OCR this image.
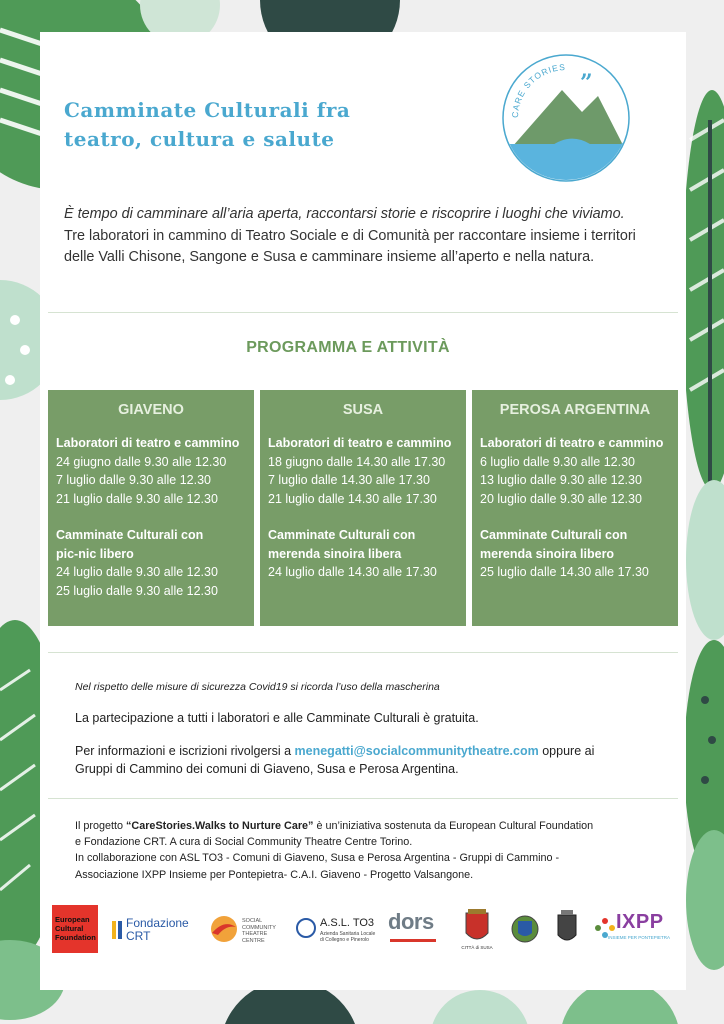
Camminate Culturali fra
teatro, cultura e salute
CARE STORIES
”
È tempo di camminare all’aria aperta, raccontarsi storie e riscoprire i luoghi che viviamo.
Tre laboratori in cammino di Teatro Sociale e di Comunità per raccontare insieme i territori delle Valli Chisone, Sangone e Susa e camminare insieme all’aperto e nella natura.
PROGRAMMA E ATTIVITÀ
GIAVENO
Laboratori di teatro e cammino
24 giugno dalle 9.30 alle 12.30
7 luglio dalle 9.30 alle 12.30
21 luglio dalle 9.30 alle 12.30
Camminate Culturali con
pic-nic libero
24 luglio dalle 9.30 alle 12.30
25 luglio dalle 9.30 alle 12.30
SUSA
Laboratori di teatro e cammino
18 giugno dalle 14.30 alle 17.30
7 luglio dalle 14.30 alle 17.30
21 luglio dalle 14.30 alle 17.30
Camminate Culturali con
merenda sinoira libera
24 luglio dalle 14.30 alle 17.30
PEROSA ARGENTINA
Laboratori di teatro e cammino
6 luglio dalle 9.30 alle 12.30
13 luglio dalle 9.30 alle 12.30
20 luglio dalle 9.30 alle 12.30
Camminate Culturali con
merenda sinoira libero
25 luglio dalle 14.30 alle 17.30
Nel rispetto delle misure di sicurezza Covid19 si ricorda l’uso della mascherina
La partecipazione a tutti i laboratori e alle Camminate Culturali è gratuita.
Per informazioni e iscrizioni rivolgersi a menegatti@socialcommunitytheatre.com oppure ai
Gruppi di Cammino dei comuni di Giaveno, Susa e Perosa Argentina.
Il progetto “CareStories.Walks to Nurture Care” è un’iniziativa sostenuta da European Cultural Foundation
e Fondazione CRT. A cura di Social Community Theatre Centre Torino.
In collaborazione con ASL TO3 - Comuni di Giaveno, Susa e Perosa Argentina - Gruppi di Cammino -
Associazione IXPP Insieme per Pontepietra- C.A.I. Giaveno - Progetto Valsangone.
European
Cultural
Foundation
Fondazione
CRT
SOCIAL
COMMUNITY
THEATRE
CENTRE
A.S.L. TO3
Azienda Sanitaria Locale
di Collegno e Pinerolo
dors
CITTÀ di SUSA
IXPP
INSIEME PER PONTEPIETRA
